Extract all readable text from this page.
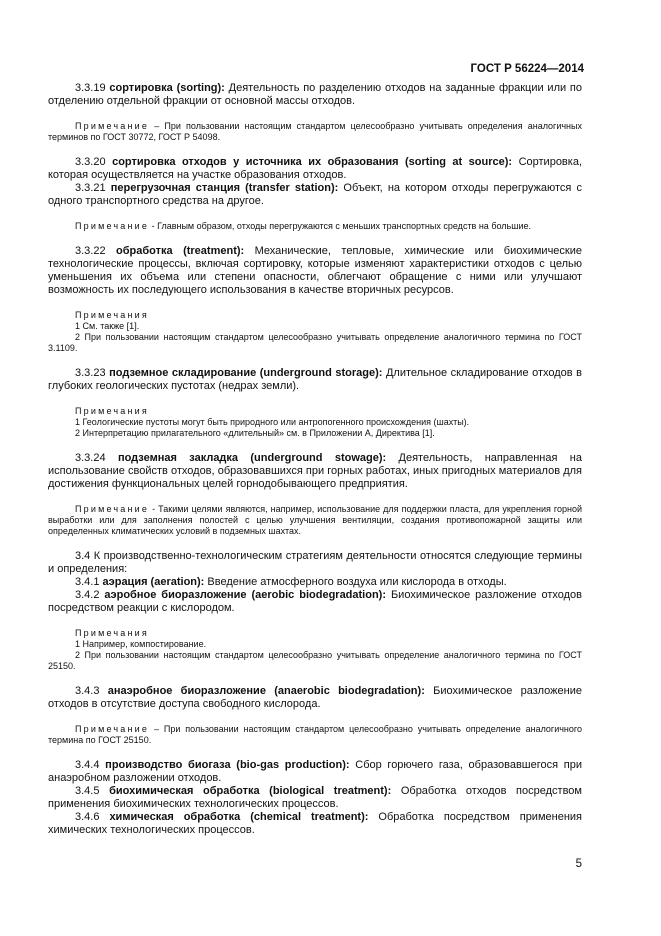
ГОСТ Р 56224—2014

3.3.19 сортировка (sorting): Деятельность по разделению отходов на заданные фракции или по отделению отдельной фракции от основной массы отходов.

Примечание – При пользовании настоящим стандартом целесообразно учитывать определения аналогичных терминов по ГОСТ 30772, ГОСТ Р 54098.

3.3.20 сортировка отходов у источника их образования (sorting at source): Сортировка, которая осуществляется на участке образования отходов.

3.3.21 перегрузочная станция (transfer station): Объект, на котором отходы перегружаются с одного транспортного средства на другое.

Примечание - Главным образом, отходы перегружаются с меньших транспортных средств на большие.

3.3.22 обработка (treatment): Механические, тепловые, химические или биохимические технологические процессы, включая сортировку, которые изменяют характеристики отходов с целью уменьшения их объема или степени опасности, облегчают обращение с ними или улучшают возможность их последующего использования в качестве вторичных ресурсов.

Примечания

1 См. также [1].

2 При пользовании настоящим стандартом целесообразно учитывать определение аналогичного термина по ГОСТ 3.1109.

3.3.23 подземное складирование (underground storage): Длительное складирование отходов в глубоких геологических пустотах (недрах земли).

Примечания

1 Геологические пустоты могут быть природного или антропогенного происхождения (шахты).

2 Интерпретацию прилагательного «длительный» см. в Приложении А, Директива [1].

3.3.24 подземная закладка (underground stowage): Деятельность, направленная на использование свойств отходов, образовавшихся при горных работах, иных пригодных материалов для достижения функциональных целей горнодобывающего предприятия.

Примечание - Такими целями являются, например, использование для поддержки пласта, для укрепления горной выработки или для заполнения полостей с целью улучшения вентиляции, создания противопожарной защиты или определенных климатических условий в подземных шахтах.

3.4 К производственно-технологическим стратегиям деятельности относятся следующие термины и определения:

3.4.1 аэрация (aeration): Введение атмосферного воздуха или кислорода в отходы.

3.4.2 аэробное биоразложение (aerobic biodegradation): Биохимическое разложение отходов посредством реакции с кислородом.

Примечания

1 Например, компостирование.

2 При пользовании настоящим стандартом целесообразно учитывать определение аналогичного термина по ГОСТ 25150.

3.4.3 анаэробное биоразложение (anaerobic biodegradation): Биохимическое разложение отходов в отсутствие доступа свободного кислорода.

Примечание – При пользовании настоящим стандартом целесообразно учитывать определение аналогичного термина по ГОСТ 25150.

3.4.4 производство биогаза (bio-gas production): Сбор горючего газа, образовавшегося при анаэробном разложении отходов.

3.4.5 биохимическая обработка (biological treatment): Обработка отходов посредством применения биохимических технологических процессов.

3.4.6 химическая обработка (chemical treatment): Обработка посредством применения химических технологических процессов.

5
